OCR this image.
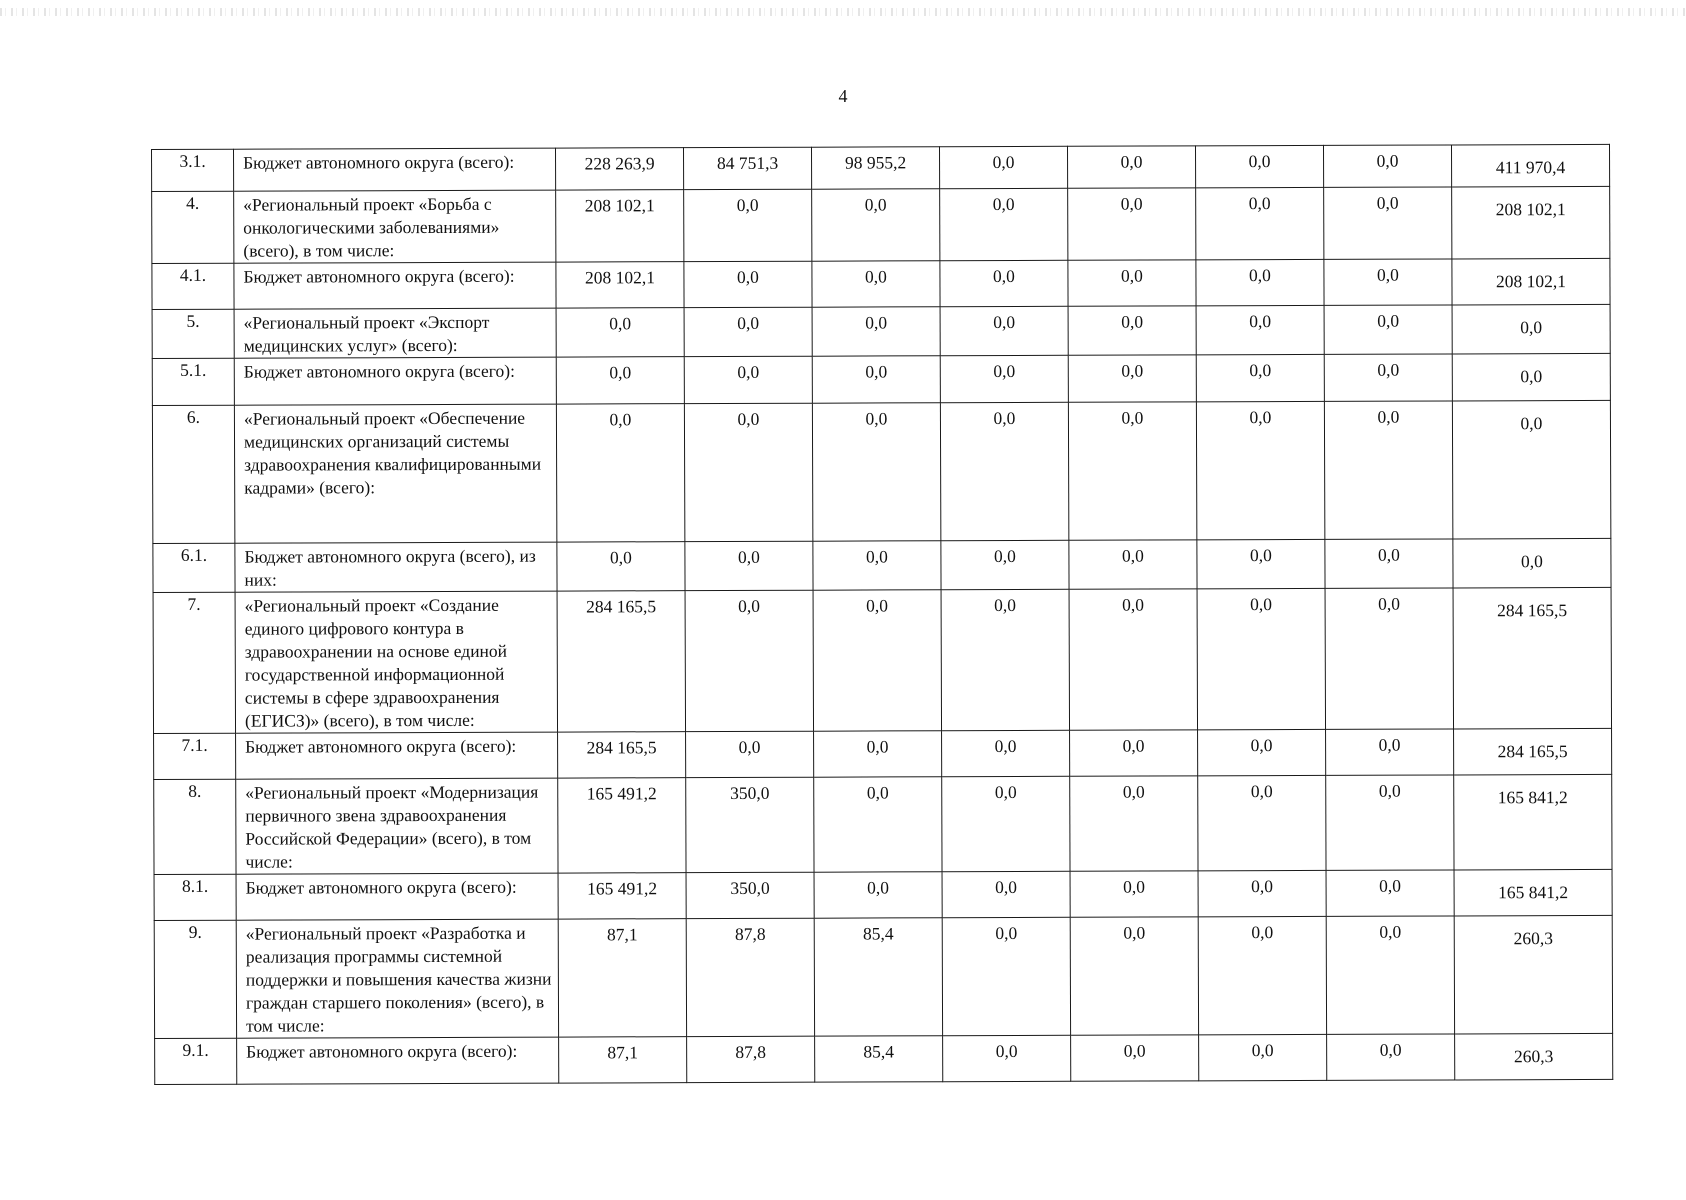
4
3.1.	Бюджет автономного округа (всего):	228 263,9	84 751,3	98 955,2	0,0	0,0	0,0	0,0	411 970,4
4.	«Региональный проект «Борьба с онкологическими заболеваниями» (всего), в том числе:	208 102,1	0,0	0,0	0,0	0,0	0,0	0,0	208 102,1
4.1.	Бюджет автономного округа (всего):	208 102,1	0,0	0,0	0,0	0,0	0,0	0,0	208 102,1
5.	«Региональный проект «Экспорт медицинских услуг» (всего):	0,0	0,0	0,0	0,0	0,0	0,0	0,0	0,0
5.1.	Бюджет автономного округа (всего):	0,0	0,0	0,0	0,0	0,0	0,0	0,0	0,0
6.	«Региональный проект «Обеспечение медицинских организаций системы здравоохранения квалифицированными кадрами» (всего):	0,0	0,0	0,0	0,0	0,0	0,0	0,0	0,0
6.1.	Бюджет автономного округа (всего), из них:	0,0	0,0	0,0	0,0	0,0	0,0	0,0	0,0
7.	«Региональный проект «Создание единого цифрового контура в здравоохранении на основе единой государственной информационной системы в сфере здравоохранения (ЕГИСЗ)» (всего), в том числе:	284 165,5	0,0	0,0	0,0	0,0	0,0	0,0	284 165,5
7.1.	Бюджет автономного округа (всего):	284 165,5	0,0	0,0	0,0	0,0	0,0	0,0	284 165,5
8.	«Региональный проект «Модернизация первичного звена здравоохранения Российской Федерации» (всего), в том числе:	165 491,2	350,0	0,0	0,0	0,0	0,0	0,0	165 841,2
8.1.	Бюджет автономного округа (всего):	165 491,2	350,0	0,0	0,0	0,0	0,0	0,0	165 841,2
9.	«Региональный проект «Разработка и реализация программы системной поддержки и повышения качества жизни граждан старшего поколения» (всего), в том числе:	87,1	87,8	85,4	0,0	0,0	0,0	0,0	260,3
9.1.	Бюджет автономного округа (всего):	87,1	87,8	85,4	0,0	0,0	0,0	0,0	260,3
